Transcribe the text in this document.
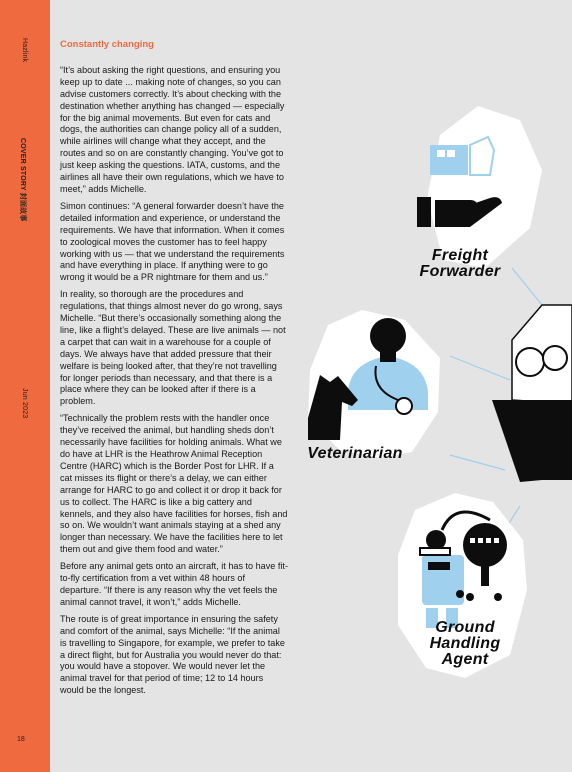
Hazlink
COVER STORY 封面故事
Jun 2023
18
Constantly changing

“It’s about asking the right questions, and ensuring you keep up to date ... making note of changes, so you can advise customers correctly. It’s about checking with the destination whether anything has changed — especially for the big animal movements. But even for cats and dogs, the authorities can change policy all of a sudden, while airlines will change what they accept, and the routes and so on are constantly changing. You’ve got to just keep asking the questions. IATA, customs, and the airlines all have their own regulations, which we have to meet,” adds Michelle.

Simon continues: “A general forwarder doesn’t have the detailed information and experience, or understand the requirements. We have that information. When it comes to zoological moves the customer has to feel happy working with us — that we understand the requirements and have everything in place. If anything were to go wrong it would be a PR nightmare for them and us.”

In reality, so thorough are the procedures and regulations, that things almost never do go wrong, says Michelle. “But there’s occasionally something along the line, like a flight’s delayed. These are live animals — not a carpet that can wait in a warehouse for a couple of days. We always have that added pressure that their welfare is being looked after, that they’re not travelling for longer periods than necessary, and that there is a place where they can be looked after if there is a problem.

“Technically the problem rests with the handler once they’ve received the animal, but handling sheds don’t necessarily have facilities for holding animals. What we do have at LHR is the Heathrow Animal Reception Centre (HARC) which is the Border Post for LHR. If a cat misses its flight or there’s a delay, we can either arrange for HARC to go and collect it or drop it back for us to collect. The HARC is like a big cattery and kennels, and they also have facilities for horses, fish and so on. We wouldn’t want animals staying at a shed any longer than necessary. We have the facilities here to let them out and give them food and water.”

Before any animal gets onto an aircraft, it has to have fit-to-fly certification from a vet within 48 hours of departure. “If there is any reason why the vet feels the animal cannot travel, it won’t,” adds Michelle.

The route is of great importance in ensuring the safety and comfort of the animal, says Michelle: “If the animal is travelling to Singapore, for example, we prefer to take a direct flight, but for Australia you would never do that: you would have a stopover. We would never let the animal travel for that period of time; 12 to 14 hours would be the longest.

Freight Forwarder
Veterinarian
Ground Handling Agent
